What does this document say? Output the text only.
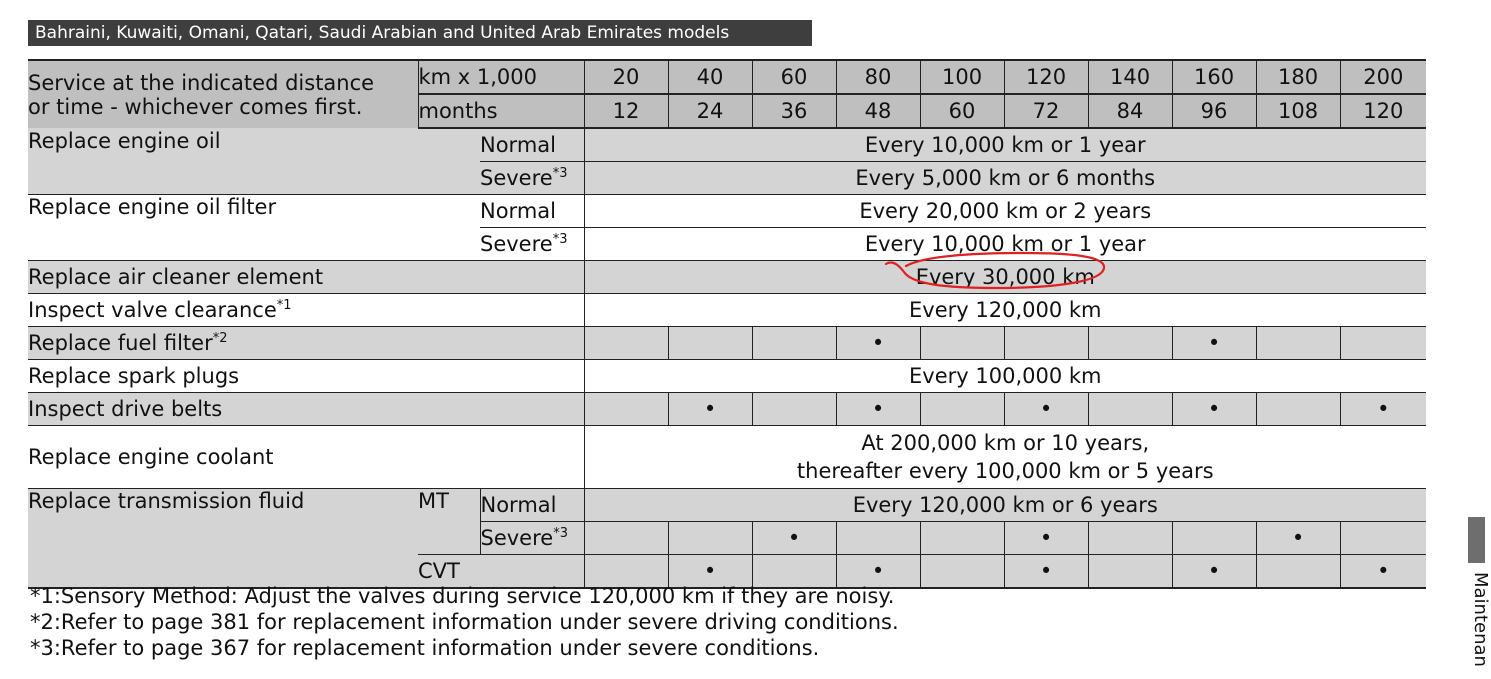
Bahraini, Kuwaiti, Omani, Qatari, Saudi Arabian and United Arab Emirates models
Service at the indicated distance
or time - whichever comes first.	km x 1,000		20	40	60	80	100	120	140	160	180	200
	months		12	24	36	48	60	72	84	96	108	120
Replace engine oil		Normal	Every 10,000 km or 1 year									
		Severe$^{*3}$	Every 5,000 km or 6 months									
Replace engine oil filter		Normal	Every 20,000 km or 2 years									
		Severe$^{*3}$	Every 10,000 km or 1 year									
Replace air cleaner element			Every 30,000 km									
Inspect valve clearance$^{*1}$			Every 120,000 km									
Replace fuel filter$^{*2}$						•				•		
Replace spark plugs			Every 100,000 km									
Inspect drive belts				•		•		•		•		•
Replace engine coolant			At 200,000 km or 10 years,
thereafter every 100,000 km or 5 years									
Replace transmission fluid	MT	Normal	Every 120,000 km or 6 years									
		Severe$^{*3}$			•			•			•	
	CVT			•		•		•		•		•
*1:Sensory Method: Adjust the valves during service 120,000 km if they are noisy.
*2:Refer to page 381 for replacement information under severe driving conditions.
*3:Refer to page 367 for replacement information under severe conditions.	Maintenan
